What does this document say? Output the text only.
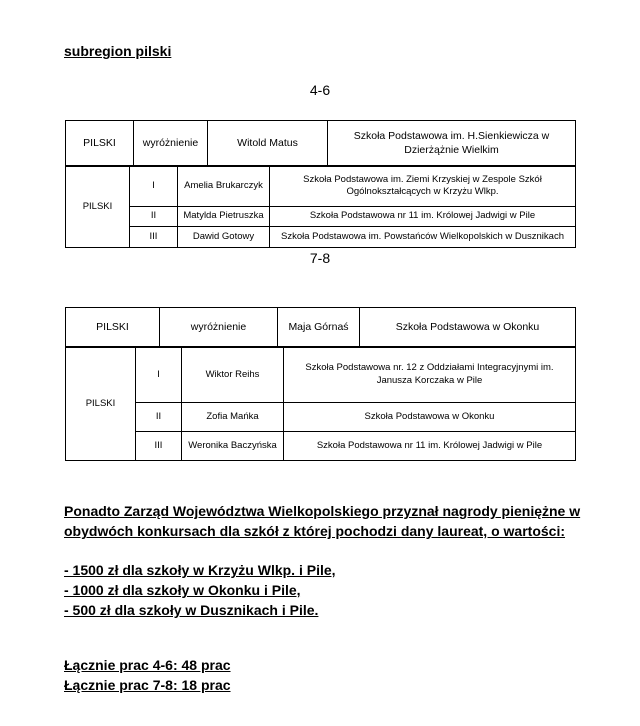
subregion pilski
4-6
PILSKI	wyróżnienie	Witold Matus	Szkoła Podstawowa im. H.Sienkiewicza w Dzierżążnie Wielkim
PILSKI	I	Amelia Brukarczyk	Szkoła Podstawowa im. Ziemi Krzyskiej w Zespole Szkół Ogólnokształcących w Krzyżu Wlkp.
	II	Matylda Pietruszka	Szkoła Podstawowa nr 11 im. Królowej Jadwigi w Pile
	III	Dawid Gotowy	Szkoła Podstawowa im. Powstańców Wielkopolskich w Dusznikach
7-8
PILSKI	wyróżnienie	Maja Górnaś	Szkoła Podstawowa w Okonku
PILSKI	I	Wiktor Reihs	Szkoła Podstawowa nr. 12 z Oddziałami Integracyjnymi im. Janusza Korczaka w Pile
	II	Zofia Mańka	Szkoła Podstawowa w Okonku
	III	Weronika Baczyńska	Szkoła Podstawowa nr 11 im. Królowej Jadwigi w Pile
Ponadto Zarząd Województwa Wielkopolskiego przyznał nagrody pieniężne w obydwóch konkursach dla szkół z której pochodzi dany laureat, o wartości:
- 1500 zł dla szkoły w Krzyżu Wlkp. i Pile,
- 1000 zł dla szkoły w Okonku i Pile,
- 500 zł dla szkoły w Dusznikach i Pile.
Łącznie prac 4-6: 48 prac
Łącznie prac 7-8: 18 prac
